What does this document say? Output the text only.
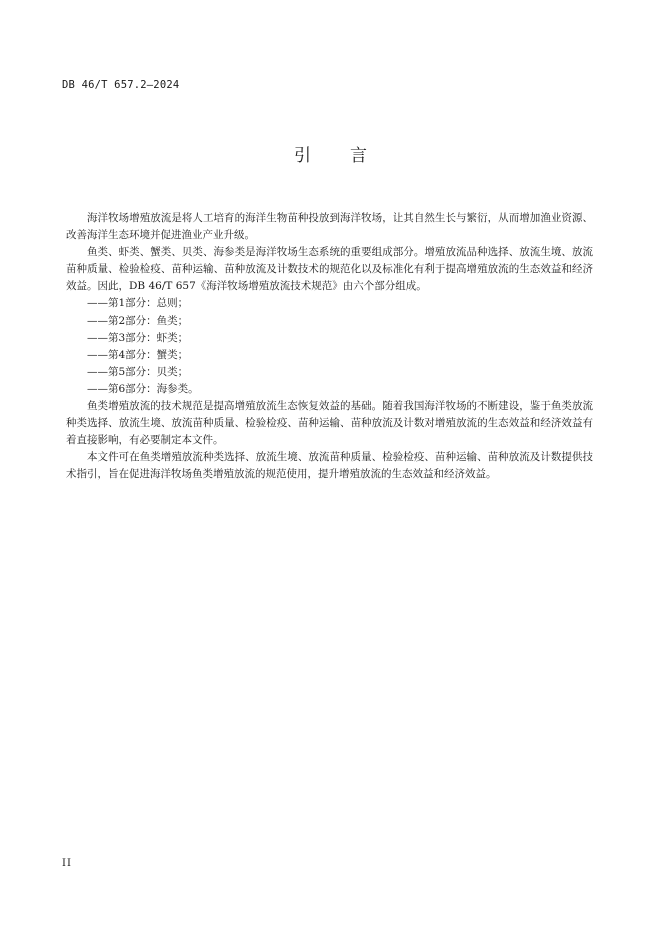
DB 46/T 657.2—2024
引 言

海洋牧场增殖放流是将人工培育的海洋生物苗种投放到海洋牧场，让其自然生长与繁衍，从而增加渔业资源、改善海洋生态环境并促进渔业产业升级。

鱼类、虾类、蟹类、贝类、海参类是海洋牧场生态系统的重要组成部分。增殖放流品种选择、放流生境、放流苗种质量、检验检疫、苗种运输、苗种放流及计数技术的规范化以及标准化有利于提高增殖放流的生态效益和经济效益。因此，DB 46/T 657《海洋牧场增殖放流技术规范》由六个部分组成。

——第1部分：总则；
——第2部分：鱼类；
——第3部分：虾类；
——第4部分：蟹类；
——第5部分：贝类；
——第6部分：海参类。

鱼类增殖放流的技术规范是提高增殖放流生态恢复效益的基础。随着我国海洋牧场的不断建设，鉴于鱼类放流种类选择、放流生境、放流苗种质量、检验检疫、苗种运输、苗种放流及计数对增殖放流的生态效益和经济效益有着直接影响，有必要制定本文件。

本文件可在鱼类增殖放流种类选择、放流生境、放流苗种质量、检验检疫、苗种运输、苗种放流及计数提供技术指引，旨在促进海洋牧场鱼类增殖放流的规范使用，提升增殖放流的生态效益和经济效益。

II
